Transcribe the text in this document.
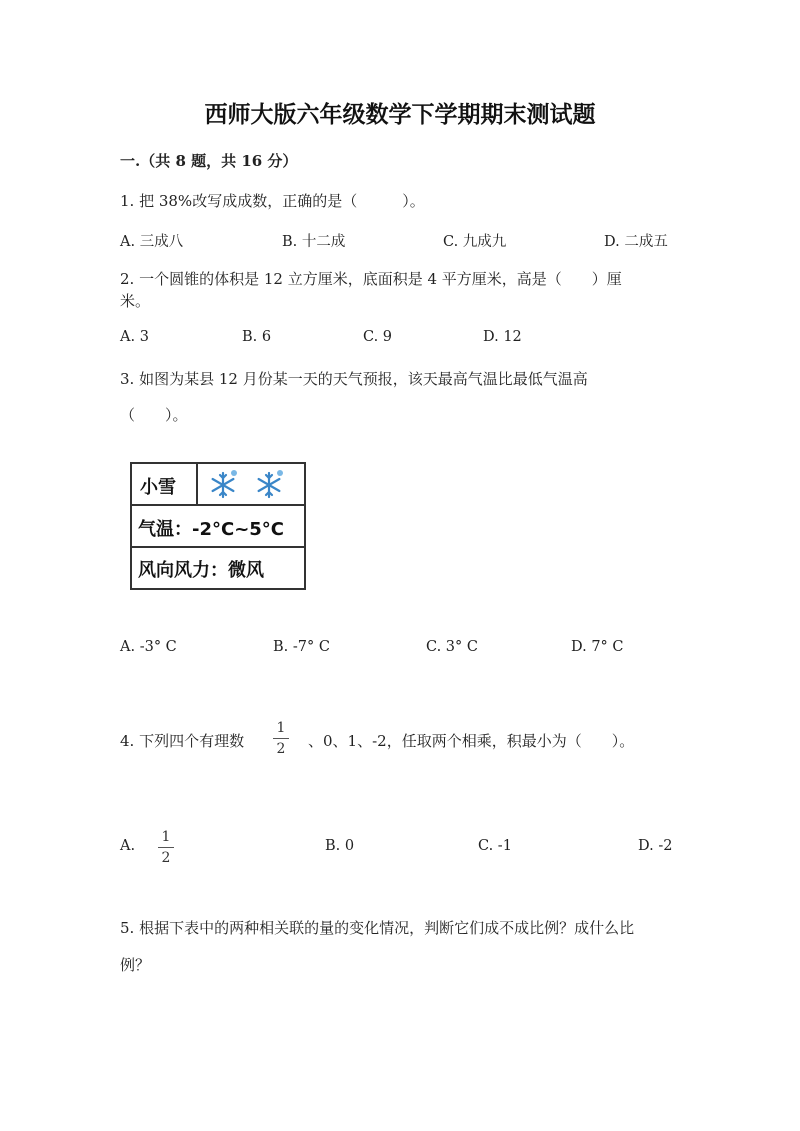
西师大版六年级数学下学期期末测试题
一.（共 8 题，共 16 分）
1. 把 38%改写成成数，正确的是（　　　）。
A. 三成八	B. 十二成	C. 九成九	D. 二成五
2. 一个圆锥的体积是 12 立方厘米，底面积是 4 平方厘米，高是（　　）厘
米。
A. 3	B. 6	C. 9	D. 12
3. 如图为某县 12 月份某一天的天气预报，该天最高气温比最低气温高
（　　）。
小雪
气温：-2°C~5°C
风向风力：微风
A. -3° C	B. -7° C	C. 3° C	D. 7° C
4. 下列四个有理数
1
2 、0、1、-2，任取两个相乘，积最小为（　　）。
A.
1
2
B. 0	C. -1	D. -2
5. 根据下表中的两种相关联的量的变化情况，判断它们成不成比例？成什么比
例？
